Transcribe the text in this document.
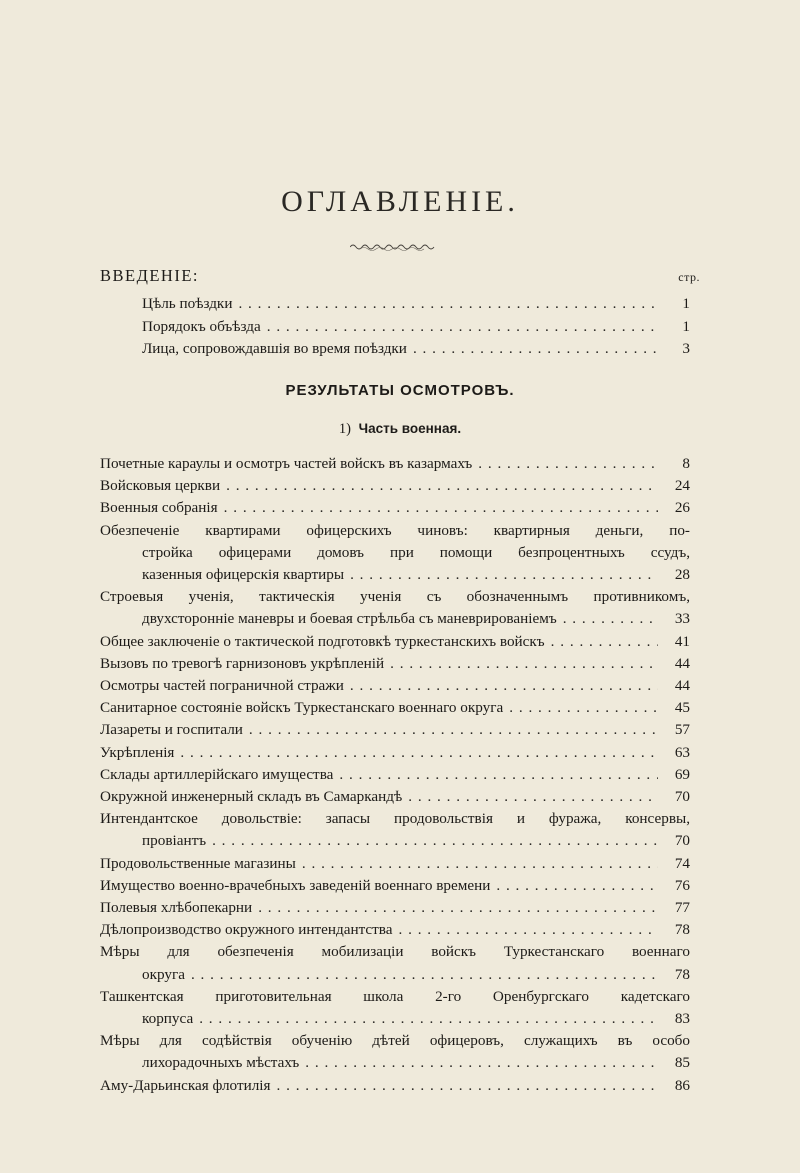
ОГЛАВЛЕНІЕ.
ВВЕДЕНІЕ:	стр.
Цѣль поѣздки . . .	1
Порядокъ объѣзда . . .	1
Лица, сопровождавшія во время поѣздки . . .	3
РЕЗУЛЬТАТЫ ОСМОТРОВЪ.
1) Часть военная.
Почетные караулы и осмотръ частей войскъ въ казармахъ . . .	8
Войсковыя церкви . . .	24
Военныя собранія . . .	26
Обезпеченіе квартирами офицерскихъ чиновъ: квартирныя деньги, по-
стройка офицерами домовъ при помощи безпроцентныхъ ссудъ,
казенныя офицерскія квартиры . . .	28
Строевыя ученія, тактическія ученія съ обозначеннымъ противникомъ,
двухсторонніе маневры и боевая стрѣльба съ маневрированіемъ . . .	33
Общее заключеніе о тактической подготовкѣ туркестанскихъ войскъ . . .	41
Вызовъ по тревогѣ гарнизоновъ укрѣпленій . . .	44
Осмотры частей пограничной стражи . . .	44
Санитарное состояніе войскъ Туркестанскаго военнаго округа . . .	45
Лазареты и госпитали . . .	57
Укрѣпленія . . .	63
Склады артиллерійскаго имущества . . .	69
Окружной инженерный складъ въ Самаркандѣ . . .	70
Интендантское довольствіе: запасы продовольствія и фуража, консервы,
провіантъ . . .	70
Продовольственные магазины . . .	74
Имущество военно-врачебныхъ заведеній военнаго времени . . .	76
Полевыя хлѣбопекарни . . .	77
Дѣлопроизводство окружного интендантства . . .	78
Мѣры для обезпеченія мобилизаціи войскъ Туркестанскаго военнаго
округа . . .	78
Ташкентская приготовительная школа 2-го Оренбургскаго кадетскаго
корпуса . . .	83
Мѣры для содѣйствія обученію дѣтей офицеровъ, служащихъ въ особо
лихорадочныхъ мѣстахъ . . .	85
Аму-Дарьинская флотилія . . .	86
